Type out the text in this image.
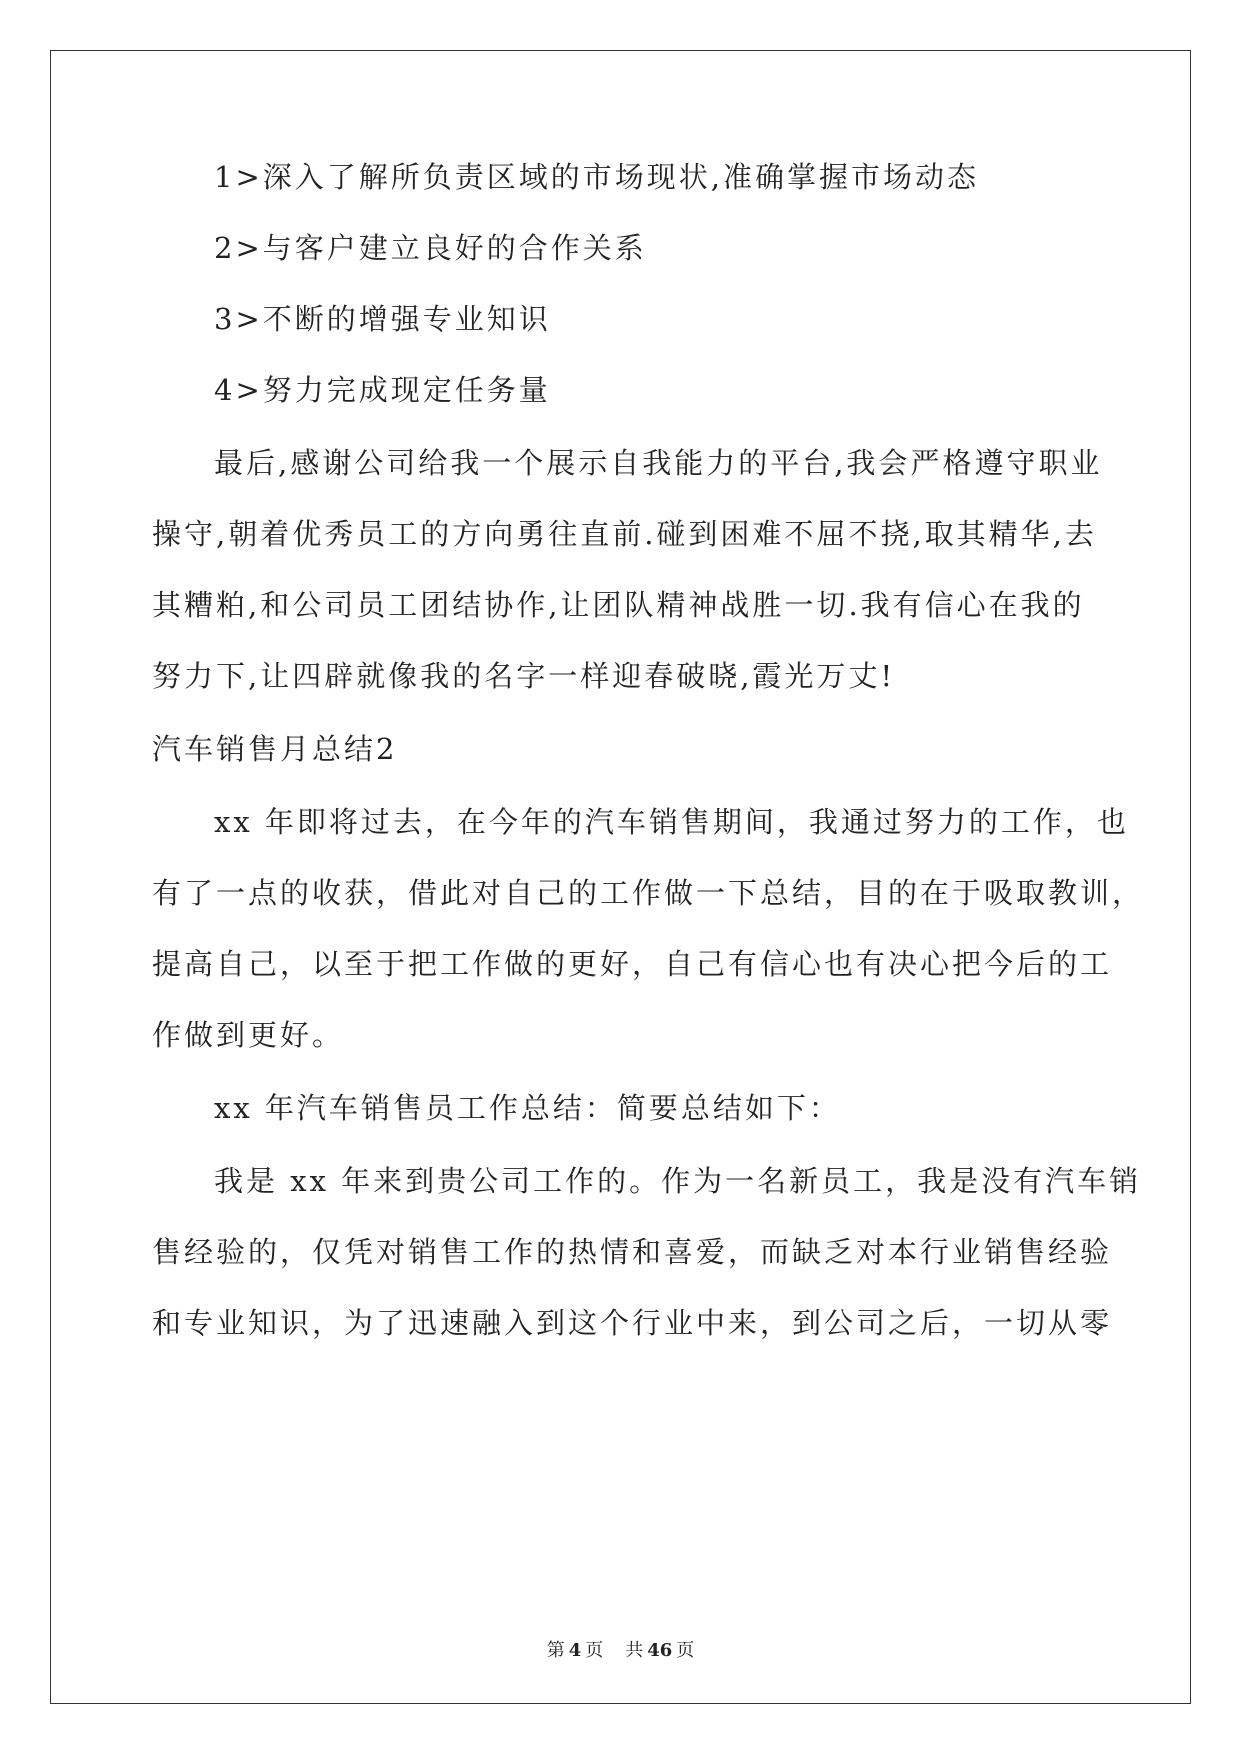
1>深入了解所负责区域的市场现状,准确掌握市场动态
2>与客户建立良好的合作关系
3>不断的增强专业知识
4>努力完成现定任务量
最后,感谢公司给我一个展示自我能力的平台,我会严格遵守职业
操守,朝着优秀员工的方向勇往直前.碰到困难不屈不挠,取其精华,去
其糟粕,和公司员工团结协作,让团队精神战胜一切.我有信心在我的
努力下,让四辟就像我的名字一样迎春破晓,霞光万丈!
汽车销售月总结2
xx 年即将过去，在今年的汽车销售期间，我通过努力的工作，也
有了一点的收获，借此对自己的工作做一下总结，目的在于吸取教训，
提高自己，以至于把工作做的更好，自己有信心也有决心把今后的工
作做到更好。
xx 年汽车销售员工作总结：简要总结如下：
我是 xx 年来到贵公司工作的。作为一名新员工，我是没有汽车销
售经验的，仅凭对销售工作的热情和喜爱，而缺乏对本行业销售经验
和专业知识，为了迅速融入到这个行业中来，到公司之后，一切从零
第 4 页 共 46 页
